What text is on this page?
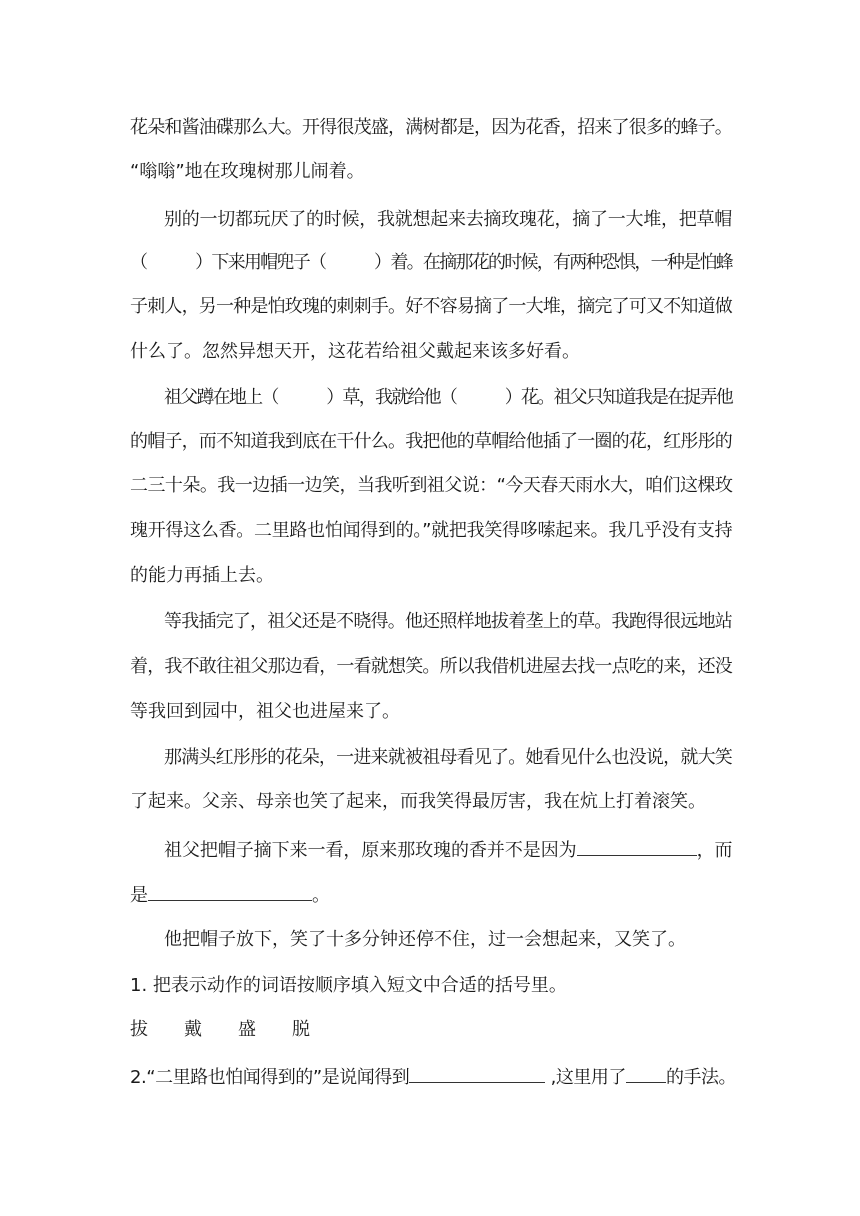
花朵和酱油碟那么大。开得很茂盛，满树都是，因为花香，招来了很多的蜂子。
“嗡嗡”地在玫瑰树那儿闹着。
别的一切都玩厌了的时候，我就想起来去摘玫瑰花，摘了一大堆，把草帽
（　　　）下来用帽兜子（　　　）着。在摘那花的时候，有两种恐惧，一种是怕蜂
子刺人，另一种是怕玫瑰的刺刺手。好不容易摘了一大堆，摘完了可又不知道做
什么了。忽然异想天开，这花若给祖父戴起来该多好看。
祖父蹲在地上（　　　）草，我就给他（　　　）花。祖父只知道我是在捉弄他
的帽子，而不知道我到底在干什么。我把他的草帽给他插了一圈的花，红彤彤的
二三十朵。我一边插一边笑，当我听到祖父说：“今天春天雨水大，咱们这棵玫
瑰开得这么香。二里路也怕闻得到的。”就把我笑得哆嗦起来。我几乎没有支持
的能力再插上去。
等我插完了，祖父还是不晓得。他还照样地拔着垄上的草。我跑得很远地站
着，我不敢往祖父那边看，一看就想笑。所以我借机进屋去找一点吃的来，还没
等我回到园中，祖父也进屋来了。
那满头红彤彤的花朵，一进来就被祖母看见了。她看见什么也没说，就大笑
了起来。父亲、母亲也笑了起来，而我笑得最厉害，我在炕上打着滚笑。
祖父把帽子摘下来一看，原来那玫瑰的香并不是因为	，而
是	。
他把帽子放下，笑了十多分钟还停不住，过一会想起来，又笑了。
1. 把表示动作的词语按顺序填入短文中合适的括号里。
拔　　戴　　盛　　脱
2.“二里路也怕闻得到的”是说闻得到	,这里用了 的手法。
